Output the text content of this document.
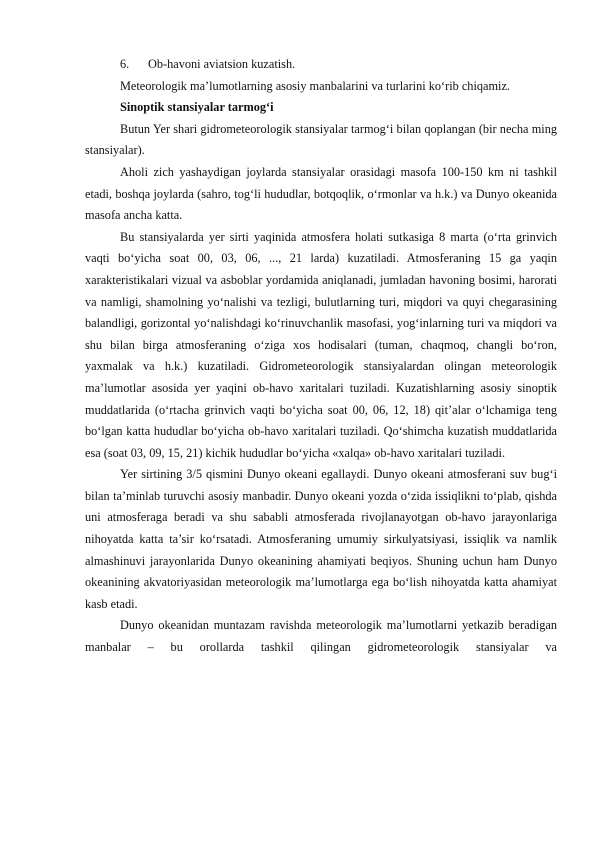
6. Ob-havoni aviatsion kuzatish.

Meteorologik ma’lumotlarning asosiy manbalarini va turlarini ko‘rib chiqamiz.

Sinoptik stansiyalar tarmog‘i

Butun Yer shari gidrometeorologik stansiyalar tarmog‘i bilan qoplangan (bir necha ming stansiyalar).

Aholi zich yashaydigan joylarda stansiyalar orasidagi masofa 100-150 km ni tashkil etadi, boshqa joylarda (sahro, tog‘li hududlar, botqoqlik, o‘rmonlar va h.k.) va Dunyo okeanida masofa ancha katta.

Bu stansiyalarda yer sirti yaqinida atmosfera holati sutkasiga 8 marta (o‘rta grinvich vaqti bo‘yicha soat 00, 03, 06, ..., 21 larda) kuzatiladi. Atmosferaning 15 ga yaqin xarakteristikalari vizual va asboblar yordamida aniqlanadi, jumladan havoning bosimi, harorati va namligi, shamolning yo‘nalishi va tezligi, bulutlarning turi, miqdori va quyi chegarasining balandligi, gorizontal yo‘nalishdagi ko‘rinuvchanlik masofasi, yog‘inlarning turi va miqdori va shu bilan birga atmosferaning o‘ziga xos hodisalari (tuman, chaqmoq, changli bo‘ron, yaxmalak va h.k.) kuzatiladi. Gidrometeorologik stansiyalardan olingan meteorologik ma’lumotlar asosida yer yaqini ob-havo xaritalari tuziladi. Kuzatishlarning asosiy sinoptik muddatlarida (o‘rtacha grinvich vaqti bo‘yicha soat 00, 06, 12, 18) qit’alar o‘lchamiga teng bo‘lgan katta hududlar bo‘yicha ob-havo xaritalari tuziladi. Qo‘shimcha kuzatish muddatlarida esa (soat 03, 09, 15, 21) kichik hududlar bo‘yicha «xalqa» ob-havo xaritalari tuziladi.

Yer sirtining 3/5 qismini Dunyo okeani egallaydi. Dunyo okeani atmosferani suv bug‘i bilan ta’minlab turuvchi asosiy manbadir. Dunyo okeani yozda o‘zida issiqlikni to‘plab, qishda uni atmosferaga beradi va shu sababli atmosferada rivojlanayotgan ob-havo jarayonlariga nihoyatda katta ta’sir ko‘rsatadi. Atmosferaning umumiy sirkulyatsiyasi, issiqlik va namlik almashinuvi jarayonlarida Dunyo okeanining ahamiyati beqiyos. Shuning uchun ham Dunyo okeanining akvatoriyasidan meteorologik ma’lumotlarga ega bo‘lish nihoyatda katta ahamiyat kasb etadi.

Dunyo okeanidan muntazam ravishda meteorologik ma’lumotlarni yetkazib beradigan manbalar – bu orollarda tashkil qilingan gidrometeorologik stansiyalar va
